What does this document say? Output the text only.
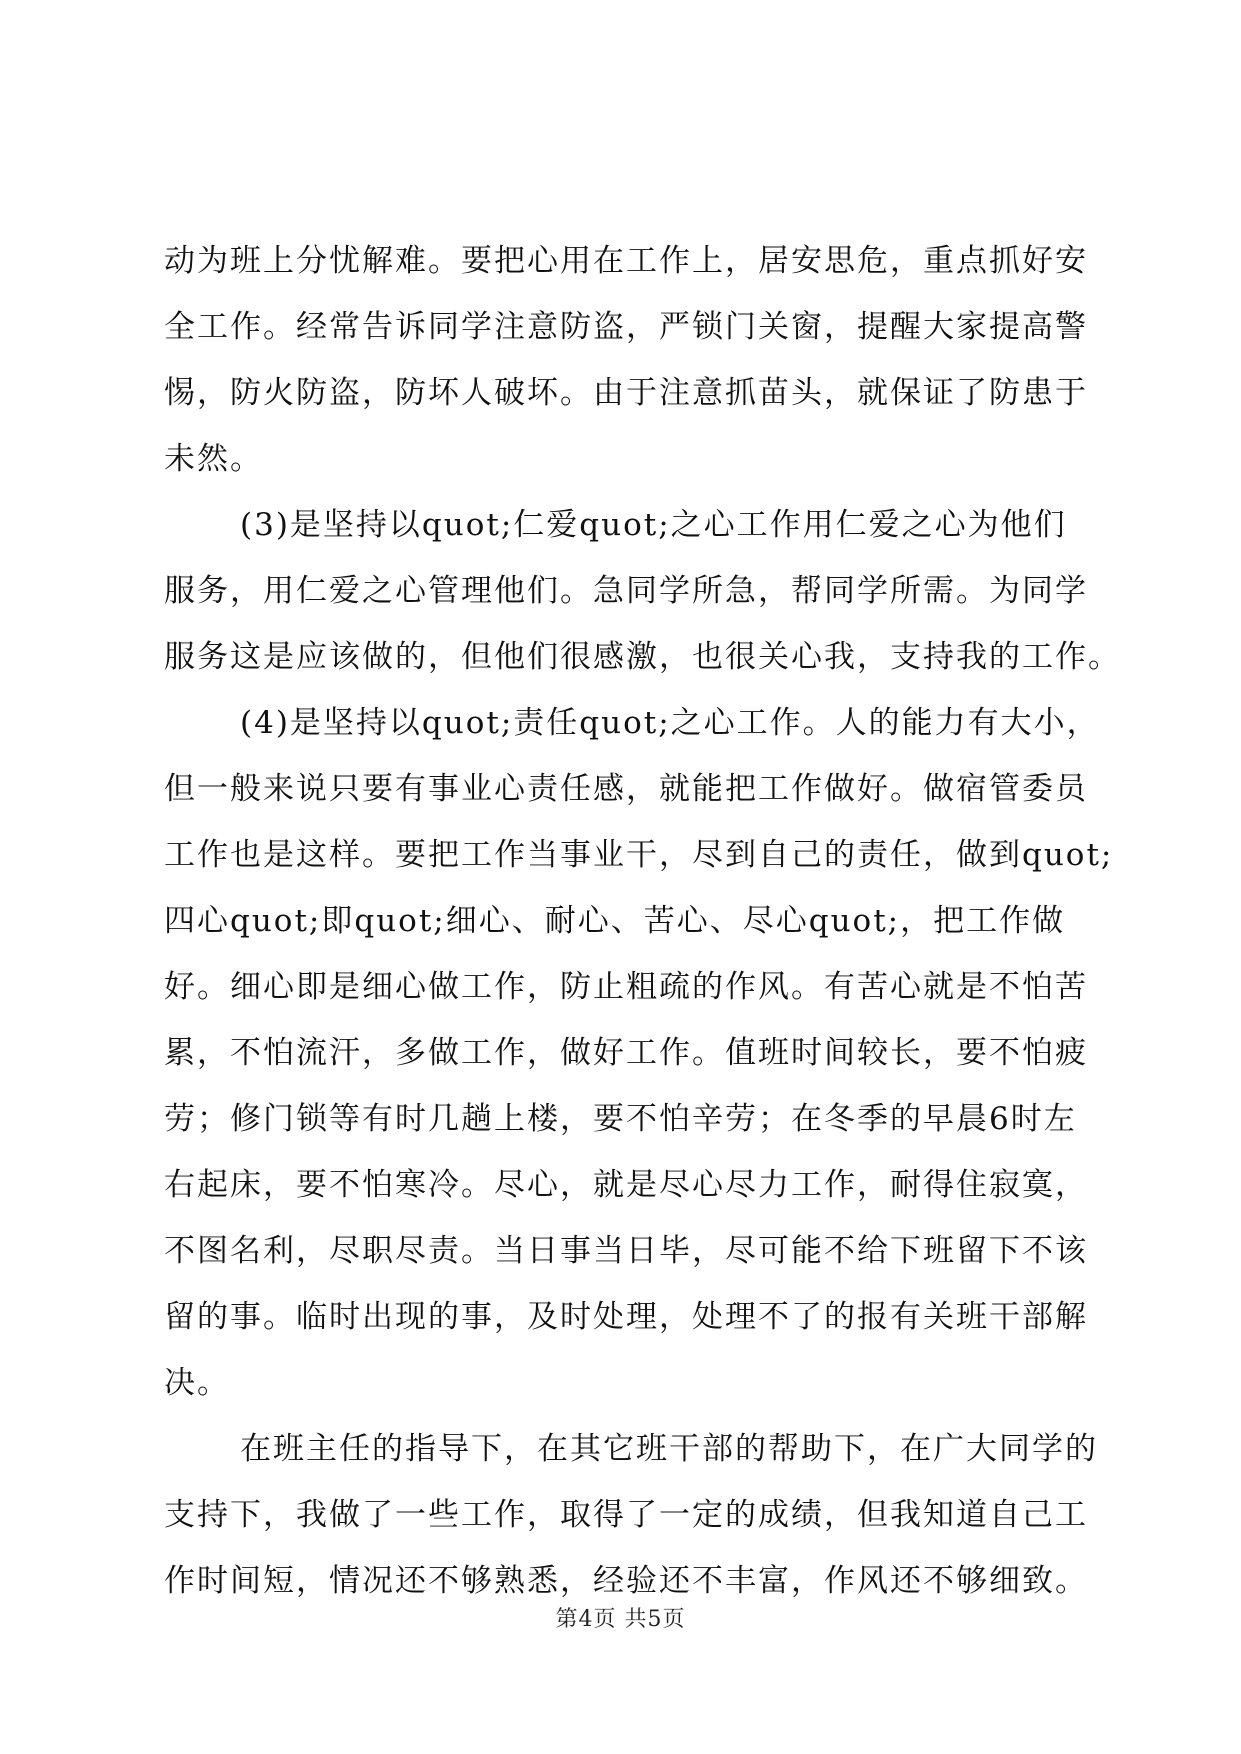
动为班上分忧解难。要把心用在工作上，居安思危，重点抓好安
全工作。经常告诉同学注意防盗，严锁门关窗，提醒大家提高警
惕，防火防盗，防坏人破坏。由于注意抓苗头，就保证了防患于
未然。
(3)是坚持以quot;仁爱quot;之心工作用仁爱之心为他们
服务，用仁爱之心管理他们。急同学所急，帮同学所需。为同学
服务这是应该做的，但他们很感激，也很关心我，支持我的工作。
(4)是坚持以quot;责任quot;之心工作。人的能力有大小，
但一般来说只要有事业心责任感，就能把工作做好。做宿管委员
工作也是这样。要把工作当事业干，尽到自己的责任，做到quot;
四心quot;即quot;细心、耐心、苦心、尽心quot;，把工作做
好。细心即是细心做工作，防止粗疏的作风。有苦心就是不怕苦
累，不怕流汗，多做工作，做好工作。值班时间较长，要不怕疲
劳；修门锁等有时几趟上楼，要不怕辛劳；在冬季的早晨6时左
右起床，要不怕寒冷。尽心，就是尽心尽力工作，耐得住寂寞，
不图名利，尽职尽责。当日事当日毕，尽可能不给下班留下不该
留的事。临时出现的事，及时处理，处理不了的报有关班干部解
决。
在班主任的指导下，在其它班干部的帮助下，在广大同学的
支持下，我做了一些工作，取得了一定的成绩，但我知道自己工
作时间短，情况还不够熟悉，经验还不丰富，作风还不够细致。
第4页 共5页
